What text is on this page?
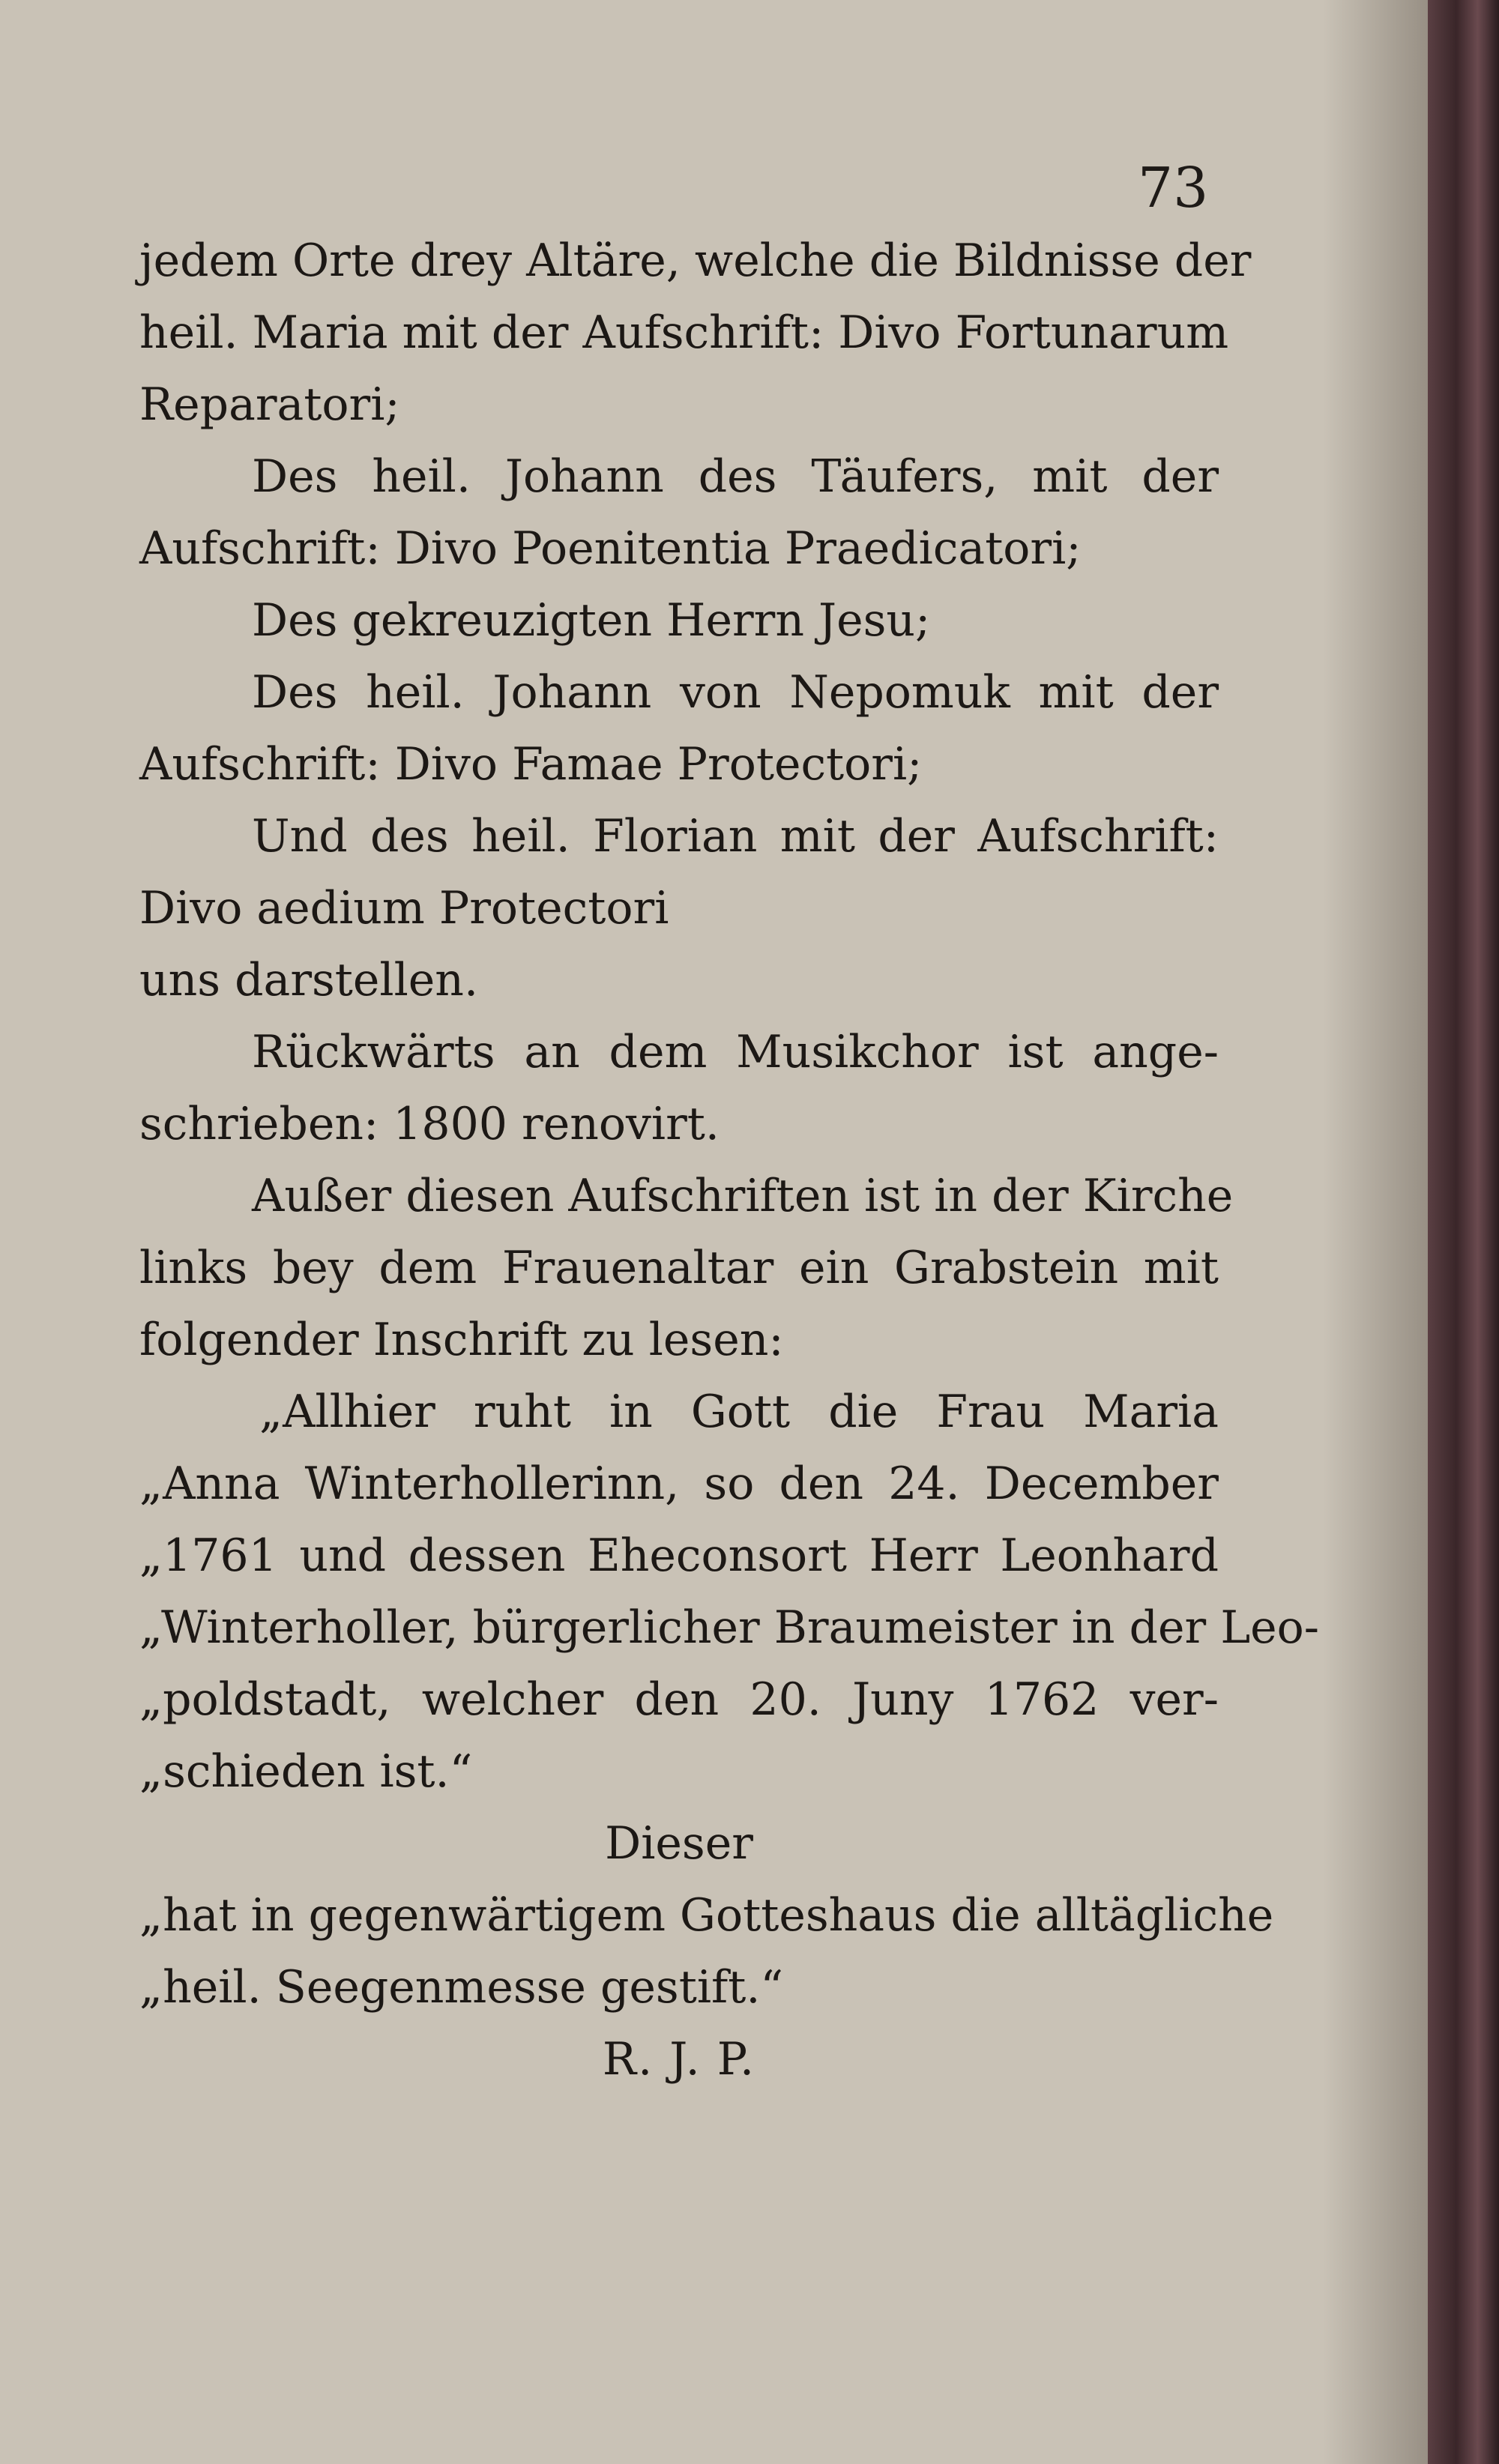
73
jedem Orte drey Altäre, welche die Bildnisse der
heil. Maria mit der Aufschrift: Divo Fortunarum
Reparatori;
Des heil. Johann des Täufers, mit der
Aufschrift: Divo Poenitentia Praedicatori;
Des gekreuzigten Herrn Jesu;
Des heil. Johann von Nepomuk mit der
Aufschrift: Divo Famae Protectori;
Und des heil. Florian mit der Aufschrift:
Divo aedium Protectori
uns darstellen.
Rückwärts an dem Musikchor ist ange-
schrieben: 1800 renovirt.
Außer diesen Aufschriften ist in der Kirche
links bey dem Frauenaltar ein Grabstein mit
folgender Inschrift zu lesen:
„Allhier ruht in Gott die Frau Maria
„Anna Winterhollerinn, so den 24. December
„1761 und dessen Eheconsort Herr Leonhard
„Winterholler, bürgerlicher Braumeister in der Leo-
„poldstadt, welcher den 20. Juny 1762 ver-
„schieden ist.“
Dieser
„hat in gegenwärtigem Gotteshaus die alltägliche
„heil. Seegenmesse gestift.“
R. J. P.
